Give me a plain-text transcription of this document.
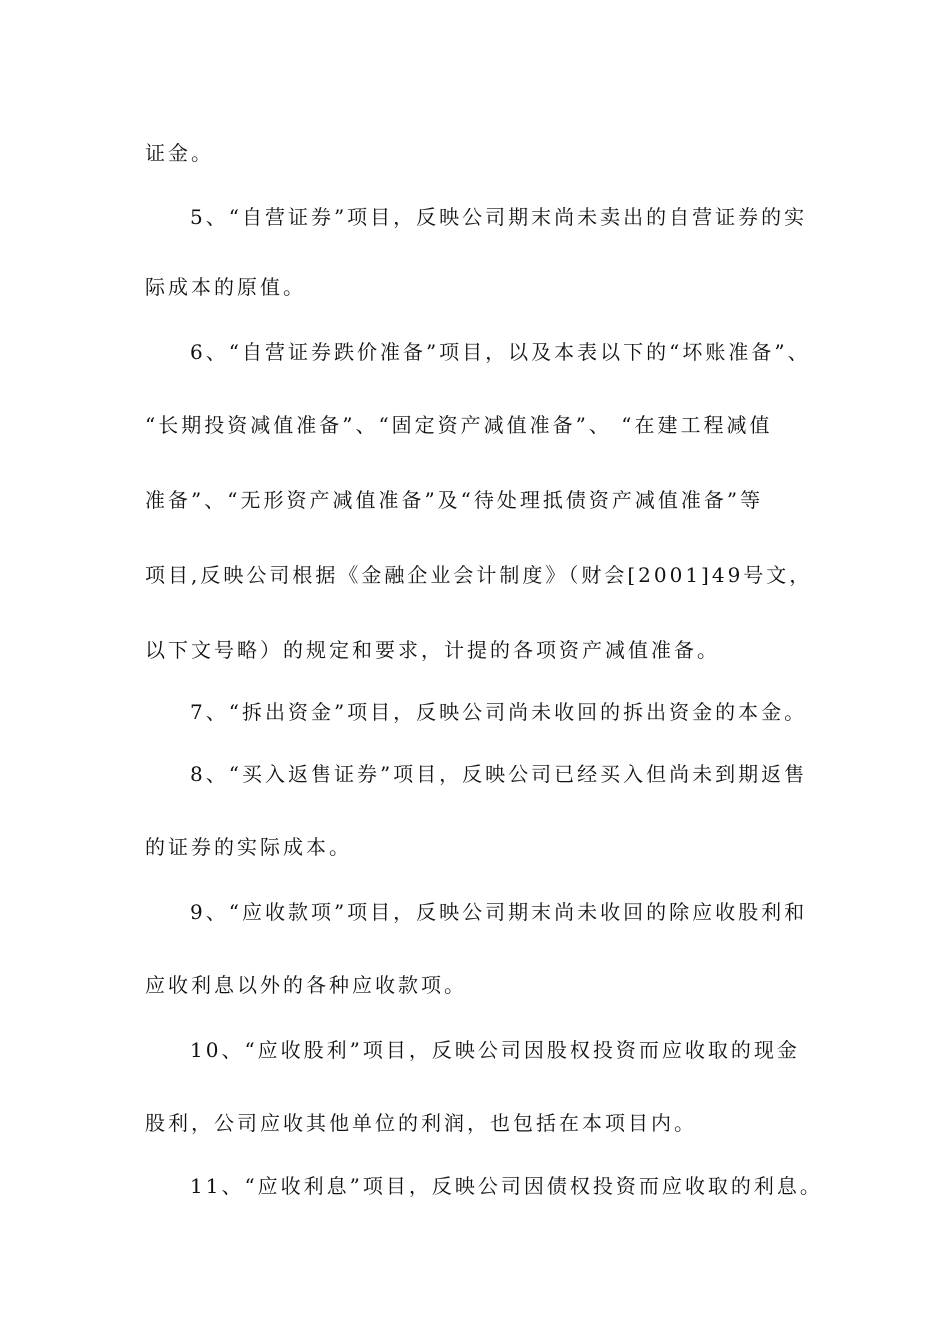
证金。
5、“自营证券”项目，反映公司期末尚未卖出的自营证券的实
际成本的原值。
6、“自营证券跌价准备”项目，以及本表以下的“坏账准备”、
“长期投资减值准备”、“固定资产减值准备”、 “在建工程减值
准备”、“无形资产减值准备”及“待处理抵债资产减值准备”等
项目,反映公司根据《金融企业会计制度》（财会[2001]49号文，
以下文号略）的规定和要求，计提的各项资产减值准备。
7、“拆出资金”项目，反映公司尚未收回的拆出资金的本金。
8、“买入返售证券”项目，反映公司已经买入但尚未到期返售
的证券的实际成本。
9、“应收款项”项目，反映公司期末尚未收回的除应收股利和
应收利息以外的各种应收款项。
10、“应收股利”项目，反映公司因股权投资而应收取的现金
股利，公司应收其他单位的利润，也包括在本项目内。
11、“应收利息”项目，反映公司因债权投资而应收取的利息。
